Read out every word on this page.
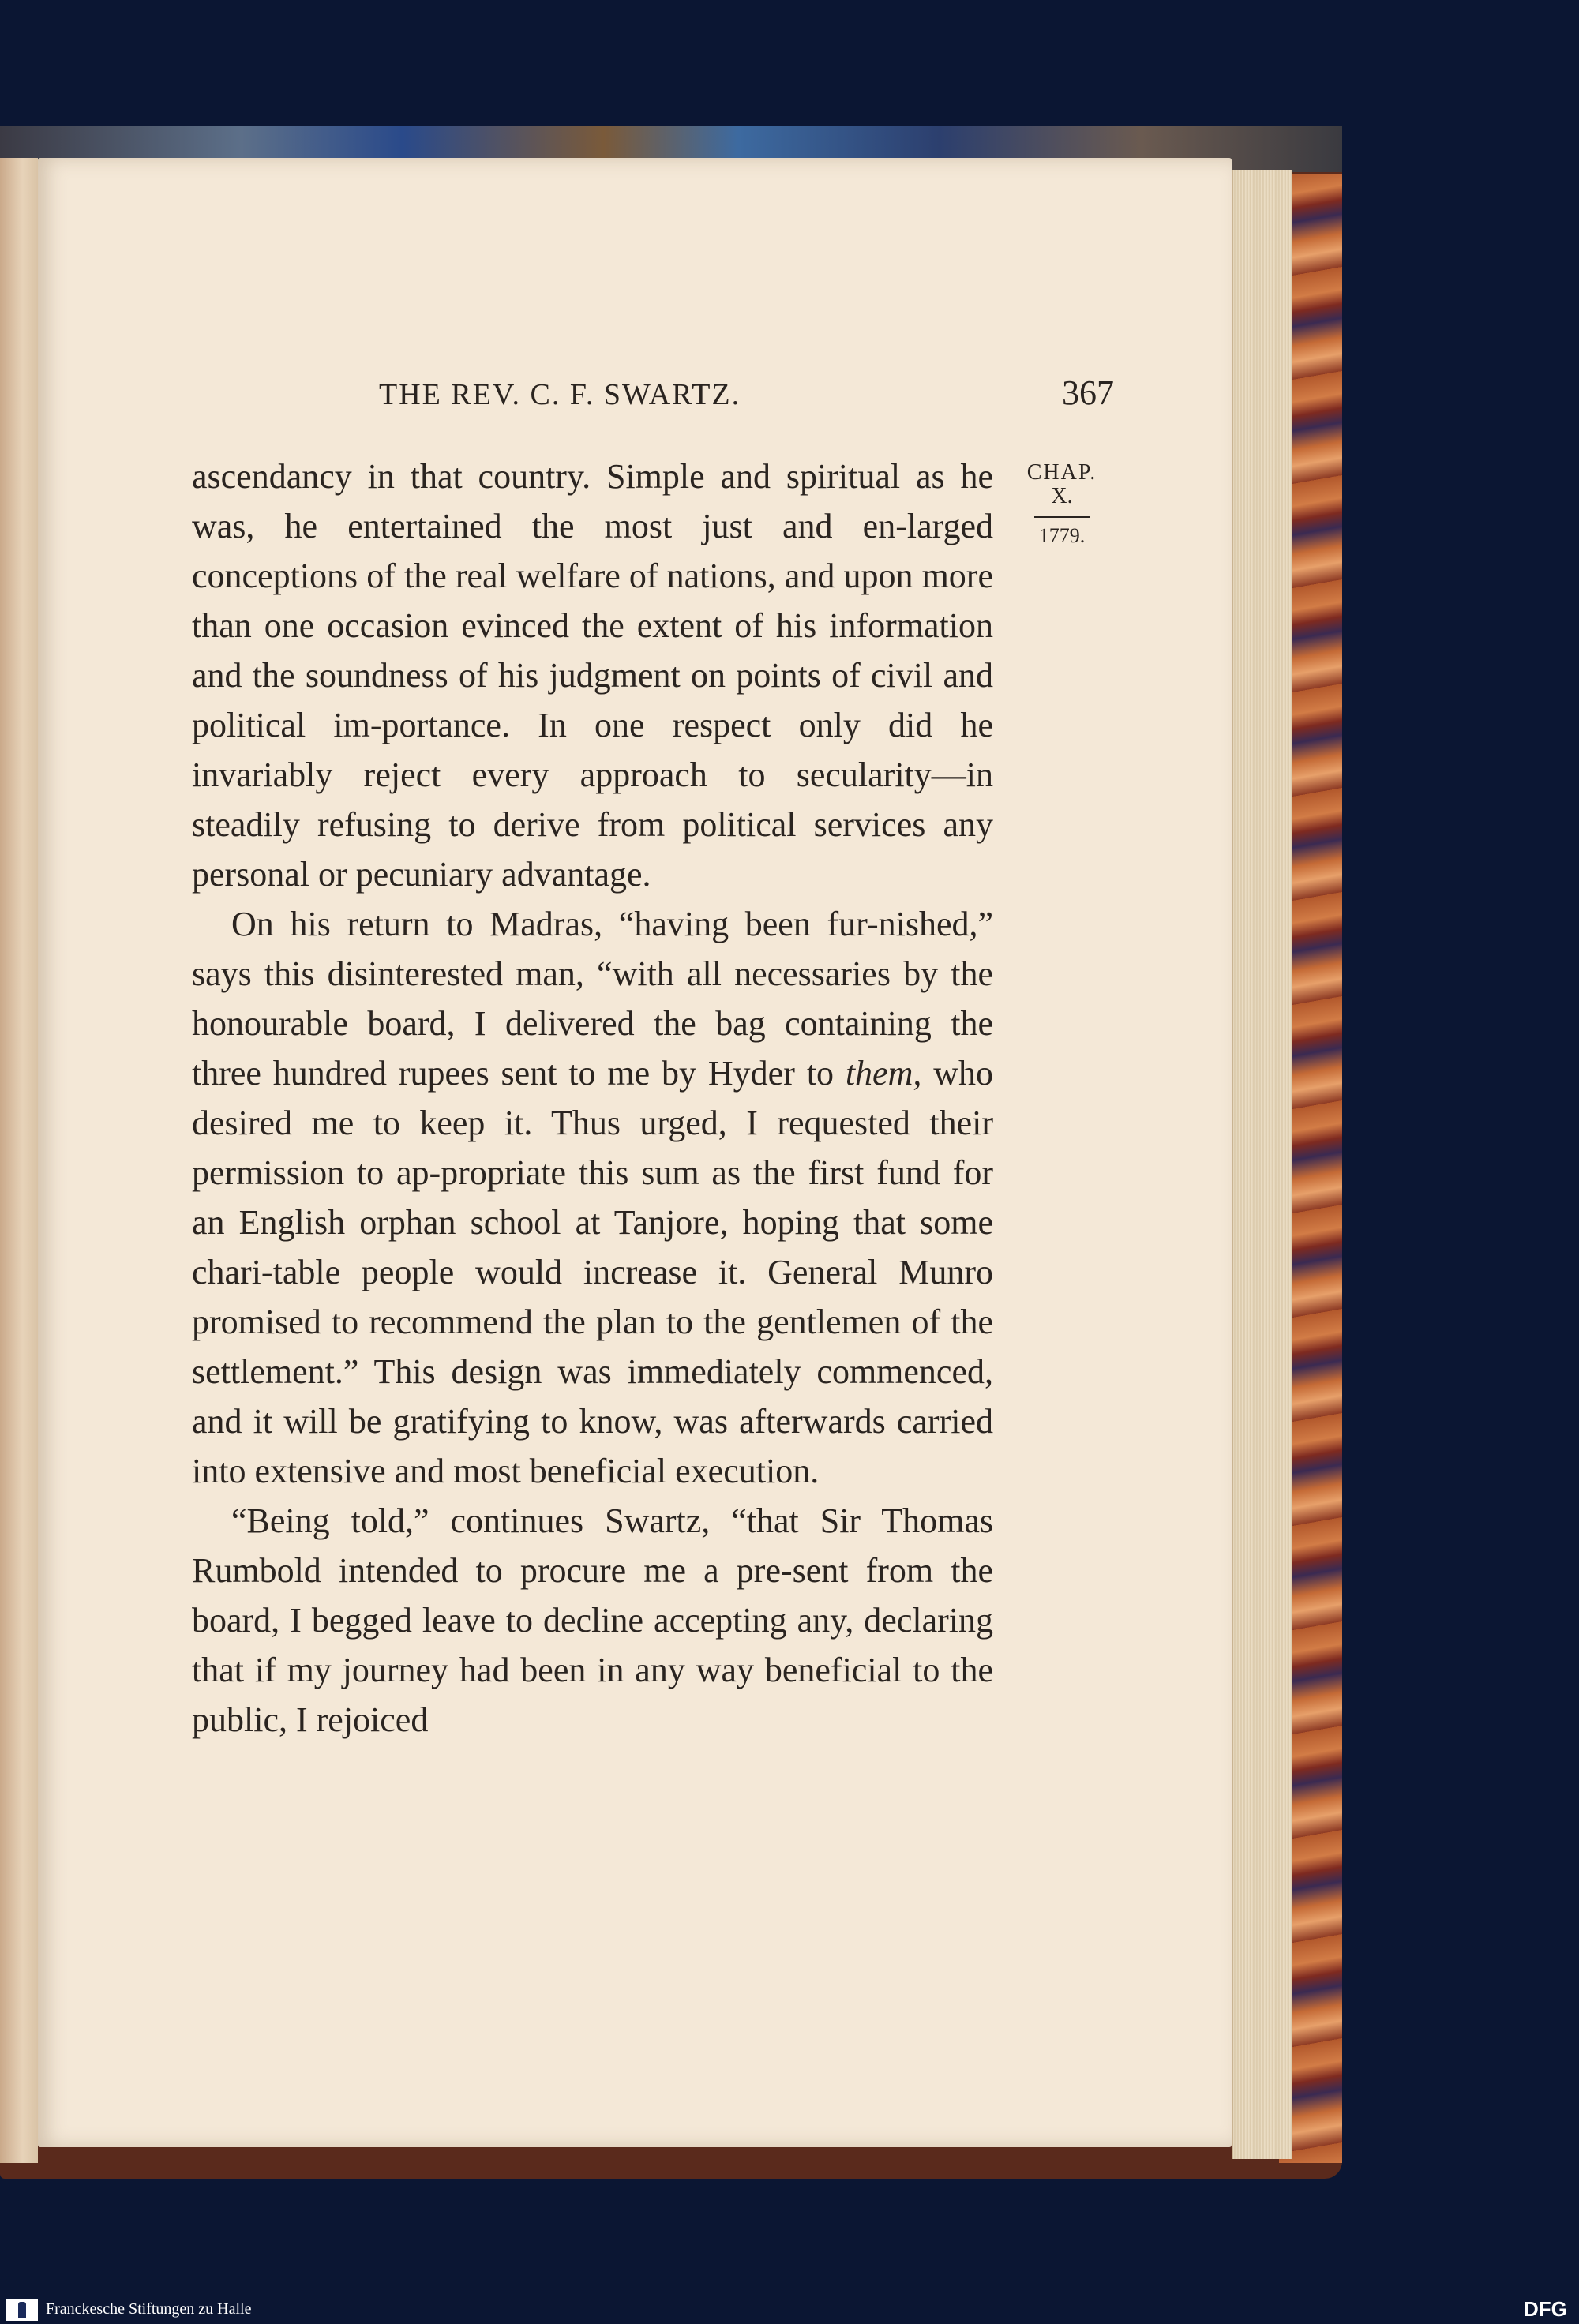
THE REV. C. F. SWARTZ.	367
CHAP.
X.
1779.

ascendancy in that country. Simple and spiritual as he was, he entertained the most just and en-larged conceptions of the real welfare of nations, and upon more than one occasion evinced the extent of his information and the soundness of his judgment on points of civil and political im-portance. In one respect only did he invariably reject every approach to secularity—in steadily refusing to derive from political services any personal or pecuniary advantage.

On his return to Madras, “having been fur-nished,” says this disinterested man, “with all necessaries by the honourable board, I delivered the bag containing the three hundred rupees sent to me by Hyder to them, who desired me to keep it. Thus urged, I requested their permission to ap-propriate this sum as the first fund for an English orphan school at Tanjore, hoping that some chari-table people would increase it. General Munro promised to recommend the plan to the gentlemen of the settlement.” This design was immediately commenced, and it will be gratifying to know, was afterwards carried into extensive and most beneficial execution.

“Being told,” continues Swartz, “that Sir Thomas Rumbold intended to procure me a pre-sent from the board, I begged leave to decline accepting any, declaring that if my journey had been in any way beneficial to the public, I rejoiced

Franckesche Stiftungen zu Halle	DFG
